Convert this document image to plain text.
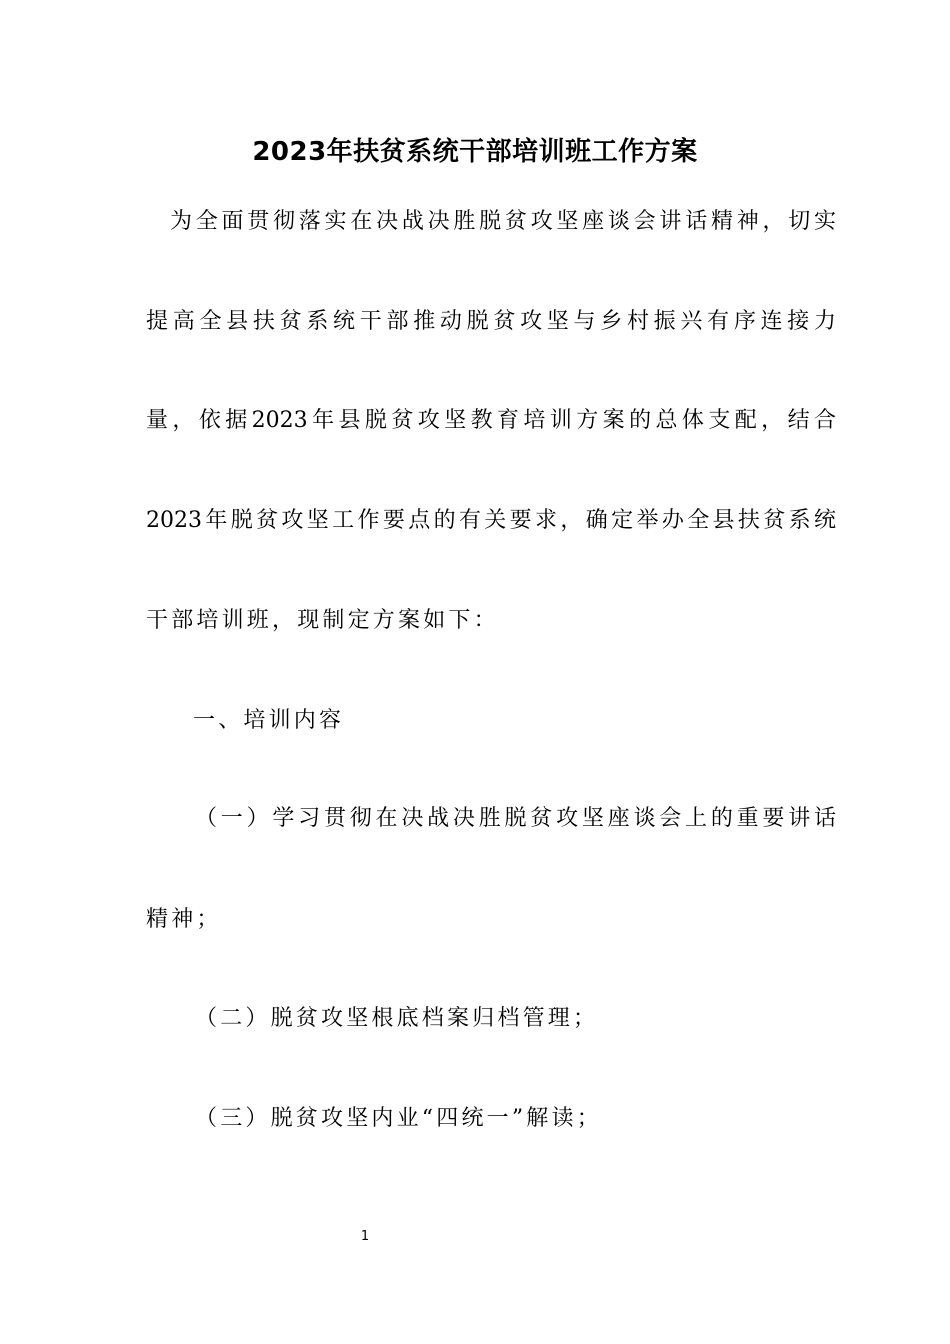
2023年扶贫系统干部培训班工作方案
为全面贯彻落实在决战决胜脱贫攻坚座谈会讲话精神，切实
提高全县扶贫系统干部推动脱贫攻坚与乡村振兴有序连接力
量，依据2023年县脱贫攻坚教育培训方案的总体支配，结合
2023年脱贫攻坚工作要点的有关要求，确定举办全县扶贫系统
干部培训班，现制定方案如下：
一、培训内容
（一）学习贯彻在决战决胜脱贫攻坚座谈会上的重要讲话
精神；
（二）脱贫攻坚根底档案归档管理；
（三）脱贫攻坚内业“四统一”解读；
1
